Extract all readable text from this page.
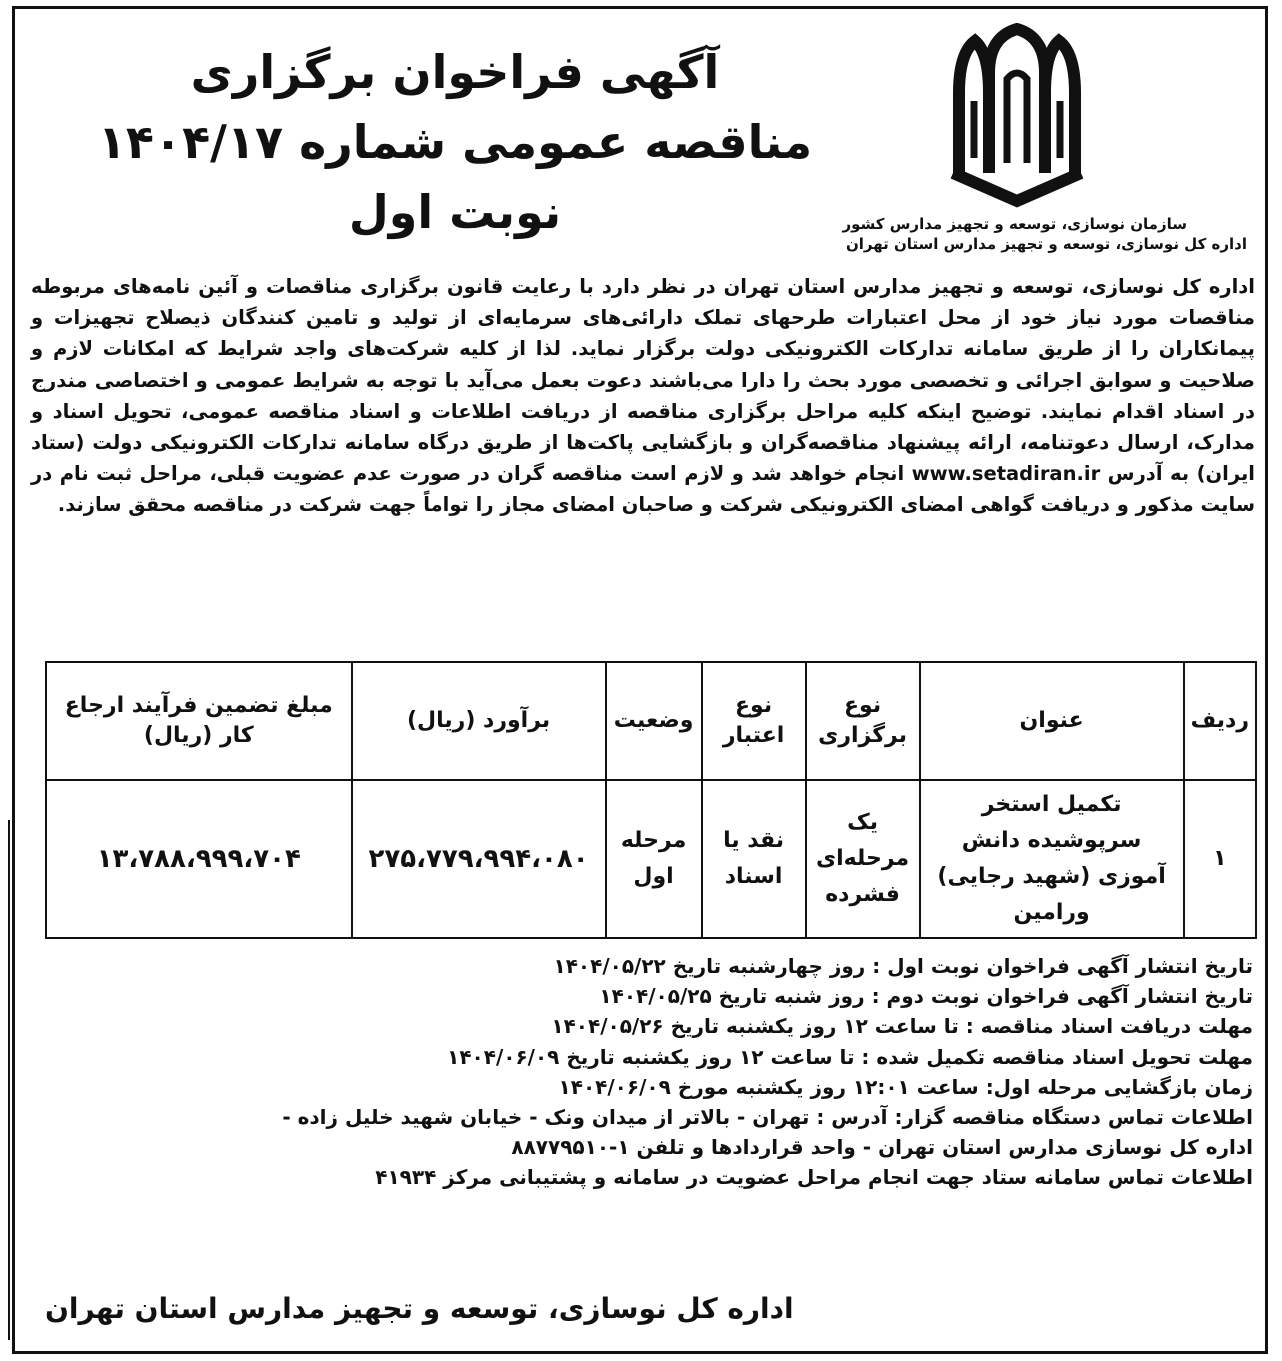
سازمان نوسازی، توسعه و تجهیز مدارس کشور
اداره کل نوسازی، توسعه و تجهیز مدارس استان تهران
آگهی فراخوان برگزاری
مناقصه عمومی شماره ۱۴۰۴/۱۷
نوبت اول
اداره کل نوسازی، توسعه و تجهیز مدارس استان تهران در نظر دارد با رعایت قانون برگزاری مناقصات و آئین نامه‌های مربوطه مناقصات مورد نیاز خود از محل اعتبارات طرحهای تملک دارائی‌های سرمایه‌ای از تولید و تامین کنندگان ذیصلاح تجهیزات و پیمانکاران را از طریق سامانه تدارکات الکترونیکی دولت برگزار نماید. لذا از کلیه شرکت‌های واجد شرایط که امکانات لازم و صلاحیت و سوابق اجرائی و تخصصی مورد بحث را دارا می‌باشند دعوت بعمل می‌آید با توجه به شرایط عمومی و اختصاصی مندرج در اسناد اقدام نمایند. توضیح اینکه کلیه مراحل برگزاری مناقصه از دریافت اطلاعات و اسناد مناقصه عمومی، تحویل اسناد و مدارک، ارسال دعوتنامه، ارائه پیشنهاد مناقصه‌گران و بازگشایی پاکت‌ها از طریق درگاه سامانه تدارکات الکترونیکی دولت (ستاد ایران) به آدرس www.setadiran.ir انجام خواهد شد و لازم است مناقصه گران در صورت عدم عضویت قبلی، مراحل ثبت نام در سایت مذکور و دریافت گواهی امضای الکترونیکی شرکت و صاحبان امضای مجاز را تواماً جهت شرکت در مناقصه محقق سازند.
ردیف	عنوان	نوع برگزاری	نوع اعتبار	وضعیت	برآورد (ریال)	مبلغ تضمین فرآیند ارجاع کار (ریال)
۱	تکمیل استخر سرپوشیده دانش آموزی (شهید رجایی) ورامین	یک مرحله‌ای فشرده	نقد یا اسناد	مرحله اول	۲۷۵،۷۷۹،۹۹۴،۰۸۰	۱۳،۷۸۸،۹۹۹،۷۰۴
تاریخ انتشار آگهی فراخوان نوبت اول : روز چهارشنبه تاریخ ۱۴۰۴/۰۵/۲۲
تاریخ انتشار آگهی فراخوان نوبت دوم : روز شنبه تاریخ ۱۴۰۴/۰۵/۲۵
مهلت دریافت اسناد مناقصه : تا ساعت ۱۲ روز یکشنبه تاریخ ۱۴۰۴/۰۵/۲۶
مهلت تحویل اسناد مناقصه تکمیل شده : تا ساعت ۱۲ روز یکشنبه تاریخ ۱۴۰۴/۰۶/۰۹
زمان بازگشایی مرحله اول: ساعت ۱۲:۰۱ روز یکشنبه مورخ ۱۴۰۴/۰۶/۰۹
اطلاعات تماس دستگاه مناقصه گزار: آدرس : تهران - بالاتر از میدان ونک - خیابان شهید خلیل زاده -
اداره کل نوسازی مدارس استان تهران - واحد قراردادها و تلفن ۱-۸۸۷۷۹۵۱۰
اطلاعات تماس سامانه ستاد جهت انجام مراحل عضویت در سامانه و پشتیبانی مرکز ۴۱۹۳۴
اداره کل نوسازی، توسعه و تجهیز مدارس استان تهران
